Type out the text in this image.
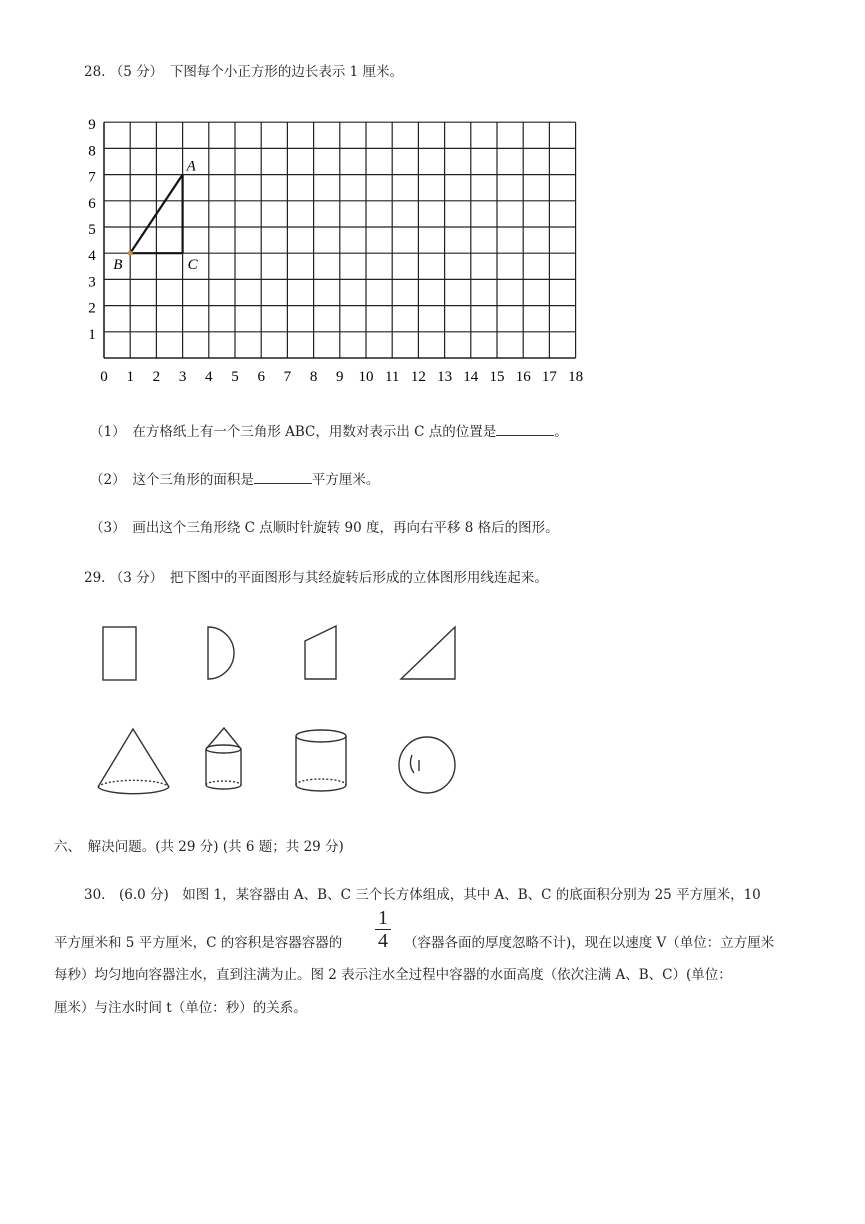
28. （5 分）　下图每个小正方形的边长表示 1 厘米。
0 1 2 3 4 5 6 7 8 9 10 11 12 13 14 15 16 17 18
1
2
3
4
5
6
7
8
9
A
B	C
（1）　在方格纸上有一个三角形 ABC，用数对表示出 C 点的位置是	。
（2）　这个三角形的面积是	平方厘米。
（3）　画出这个三角形绕 C 点顺时针旋转 90 度，再向右平移 8 格后的图形。
29. （3 分）　把下图中的平面图形与其经旋转后形成的立体图形用线连起来。
六、　解决问题。(共 29 分) (共 6 题；共 29 分)
30.　(6.0 分)　如图 1，某容器由 A、B、C 三个长方体组成，其中 A、B、C 的底面积分别为 25 平方厘米，10
平方厘米和 5 平方厘米，C 的容积是容器容器的
1
4 （容器各面的厚度忽略不计)，现在以速度 V（单位：立方厘米
每秒）均匀地向容器注水，直到注满为止。图 2 表示注水全过程中容器的水面高度（依次注满 A、B、C）(单位：
厘米）与注水时间 t（单位：秒）的关系。
